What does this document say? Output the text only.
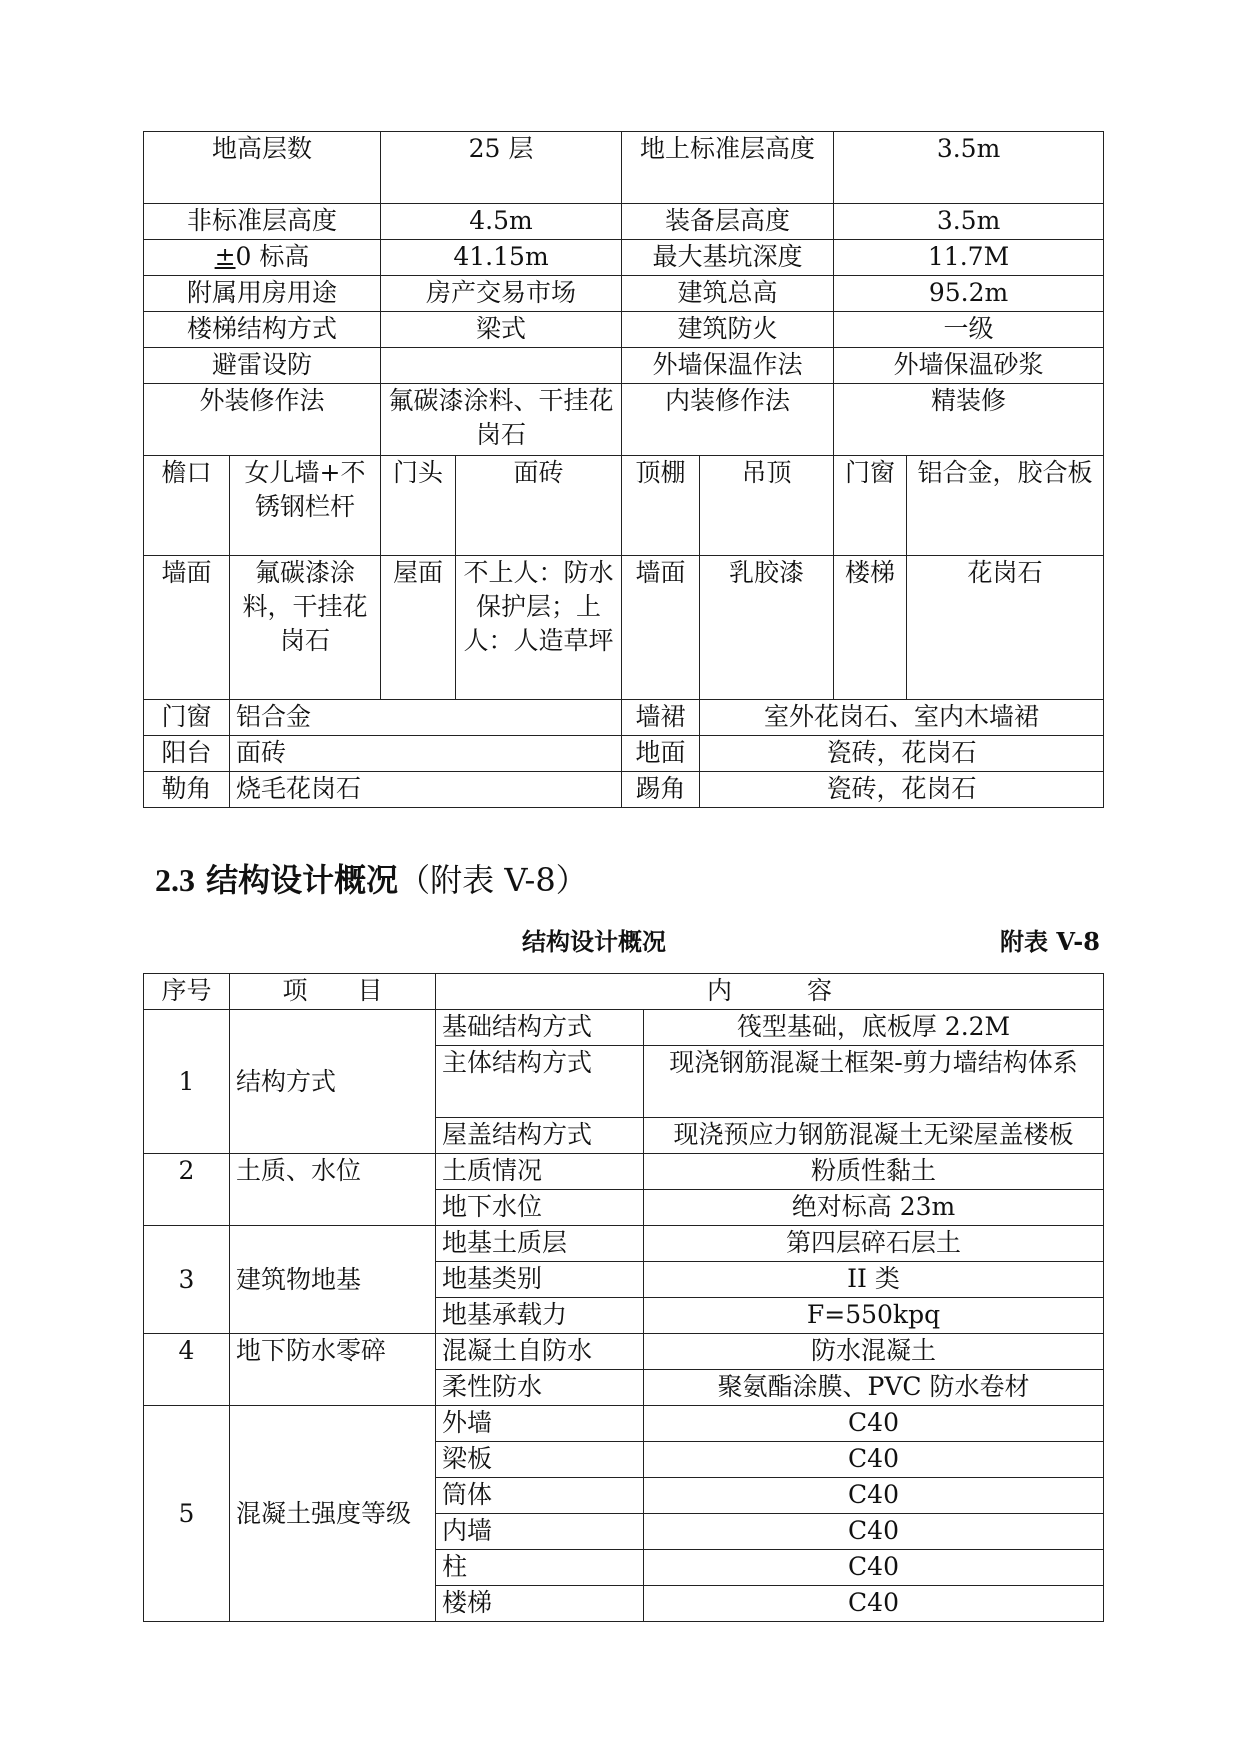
地高层数		25 层		地上标准层高度		3.5m	
非标准层高度		4.5m		装备层高度		3.5m	
±0 标高		41.15m		最大基坑深度		11.7M	
附属用房用途		房产交易市场		建筑总高		95.2m	
楼梯结构方式		梁式		建筑防火		一级	
避雷设防				外墙保温作法		外墙保温砂浆	
外装修作法		氟碳漆涂料、干挂花岗石		内装修作法		精装修	
檐口	女儿墙+不锈钢栏杆	门头	面砖	顶棚	吊顶	门窗	铝合金，胶合板
墙面	氟碳漆涂料，干挂花岗石	屋面	不上人：防水保护层；上人：人造草坪	墙面	乳胶漆	楼梯	花岗石
门窗	铝合金			墙裙	室外花岗石、室内木墙裙		
阳台	面砖			地面	瓷砖，花岗石		
勒角	烧毛花岗石			踢角	瓷砖，花岗石		
2.3 结构设计概况（附表 V-8）
结构设计概况	附表 V-8
序号	项　　目	内　　　容	
1	结构方式	基础结构方式	筏型基础，底板厚 2.2M
		主体结构方式	现浇钢筋混凝土框架-剪力墙结构体系
		屋盖结构方式	现浇预应力钢筋混凝土无梁屋盖楼板
2	土质、水位	土质情况	粉质性黏土
		地下水位	绝对标高 23m
3	建筑物地基	地基土质层	第四层碎石层土
		地基类别	II 类
		地基承载力	F=550kpq
4	地下防水零碎	混凝土自防水	防水混凝土
		柔性防水	聚氨酯涂膜、PVC 防水卷材
5	混凝土强度等级	外墙	C40
		梁板	C40
		筒体	C40
		内墙	C40
		柱	C40
		楼梯	C40
